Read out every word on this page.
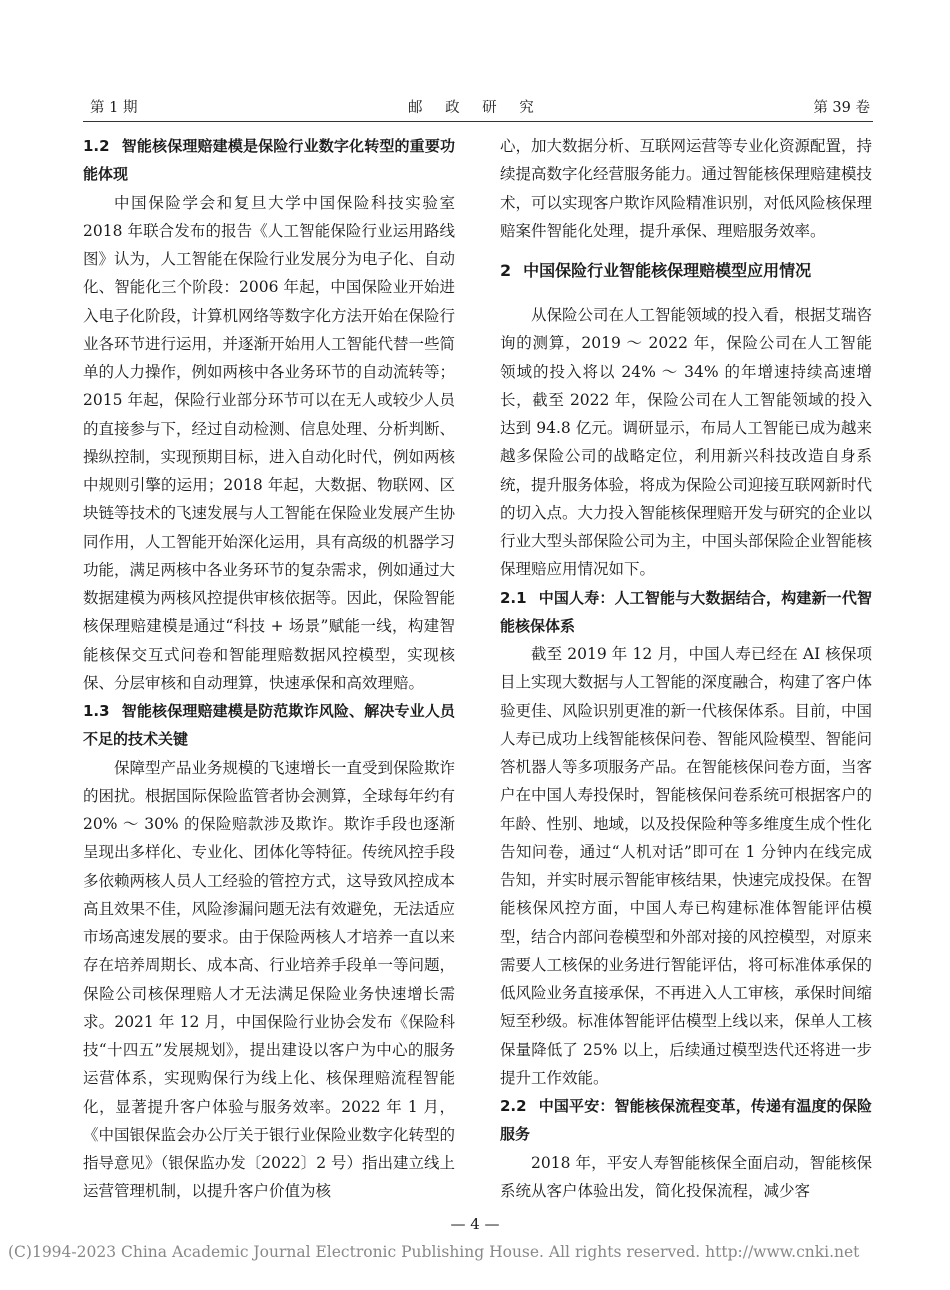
第 1 期	邮 政 研 究	第 39 卷
1.2 智能核保理赔建模是保险行业数字化转型的重要功能体现

中国保险学会和复旦大学中国保险科技实验室 2018 年联合发布的报告《人工智能保险行业运用路线图》认为，人工智能在保险行业发展分为电子化、自动化、智能化三个阶段：2006 年起，中国保险业开始进入电子化阶段，计算机网络等数字化方法开始在保险行业各环节进行运用，并逐渐开始用人工智能代替一些简单的人力操作，例如两核中各业务环节的自动流转等；2015 年起，保险行业部分环节可以在无人或较少人员的直接参与下，经过自动检测、信息处理、分析判断、操纵控制，实现预期目标，进入自动化时代，例如两核中规则引擎的运用；2018 年起，大数据、物联网、区块链等技术的飞速发展与人工智能在保险业发展产生协同作用，人工智能开始深化运用，具有高级的机器学习功能，满足两核中各业务环节的复杂需求，例如通过大数据建模为两核风控提供审核依据等。因此，保险智能核保理赔建模是通过“科技 + 场景”赋能一线，构建智能核保交互式问卷和智能理赔数据风控模型，实现核保、分层审核和自动理算，快速承保和高效理赔。

1.3 智能核保理赔建模是防范欺诈风险、解决专业人员不足的技术关键

保障型产品业务规模的飞速增长一直受到保险欺诈的困扰。根据国际保险监管者协会测算，全球每年约有 20% ～ 30% 的保险赔款涉及欺诈。欺诈手段也逐渐呈现出多样化、专业化、团体化等特征。传统风控手段多依赖两核人员人工经验的管控方式，这导致风控成本高且效果不佳，风险渗漏问题无法有效避免，无法适应市场高速发展的要求。由于保险两核人才培养一直以来存在培养周期长、成本高、行业培养手段单一等问题，保险公司核保理赔人才无法满足保险业务快速增长需求。2021 年 12 月，中国保险行业协会发布《保险科技“十四五”发展规划》，提出建设以客户为中心的服务运营体系，实现购保行为线上化、核保理赔流程智能化，显著提升客户体验与服务效率。2022 年 1 月，《中国银保监会办公厅关于银行业保险业数字化转型的指导意见》（银保监办发〔2022〕2 号）指出建立线上运营管理机制，以提升客户价值为核

心，加大数据分析、互联网运营等专业化资源配置，持续提高数字化经营服务能力。通过智能核保理赔建模技术，可以实现客户欺诈风险精准识别，对低风险核保理赔案件智能化处理，提升承保、理赔服务效率。

2 中国保险行业智能核保理赔模型应用情况

从保险公司在人工智能领域的投入看，根据艾瑞咨询的测算，2019 ～ 2022 年，保险公司在人工智能领域的投入将以 24% ～ 34% 的年增速持续高速增长，截至 2022 年，保险公司在人工智能领域的投入达到 94.8 亿元。调研显示，布局人工智能已成为越来越多保险公司的战略定位，利用新兴科技改造自身系统，提升服务体验，将成为保险公司迎接互联网新时代的切入点。大力投入智能核保理赔开发与研究的企业以行业大型头部保险公司为主，中国头部保险企业智能核保理赔应用情况如下。

2.1 中国人寿：人工智能与大数据结合，构建新一代智能核保体系

截至 2019 年 12 月，中国人寿已经在 AI 核保项目上实现大数据与人工智能的深度融合，构建了客户体验更佳、风险识别更准的新一代核保体系。目前，中国人寿已成功上线智能核保问卷、智能风险模型、智能问答机器人等多项服务产品。在智能核保问卷方面，当客户在中国人寿投保时，智能核保问卷系统可根据客户的年龄、性别、地域，以及投保险种等多维度生成个性化告知问卷，通过“人机对话”即可在 1 分钟内在线完成告知，并实时展示智能审核结果，快速完成投保。在智能核保风控方面，中国人寿已构建标准体智能评估模型，结合内部问卷模型和外部对接的风控模型，对原来需要人工核保的业务进行智能评估，将可标准体承保的低风险业务直接承保，不再进入人工审核，承保时间缩短至秒级。标准体智能评估模型上线以来，保单人工核保量降低了 25% 以上，后续通过模型迭代还将进一步提升工作效能。

2.2 中国平安：智能核保流程变革，传递有温度的保险服务

2018 年，平安人寿智能核保全面启动，智能核保系统从客户体验出发，简化投保流程，减少客

— 4 —
(C)1994-2023 China Academic Journal Electronic Publishing House. All rights reserved. http://www.cnki.net
